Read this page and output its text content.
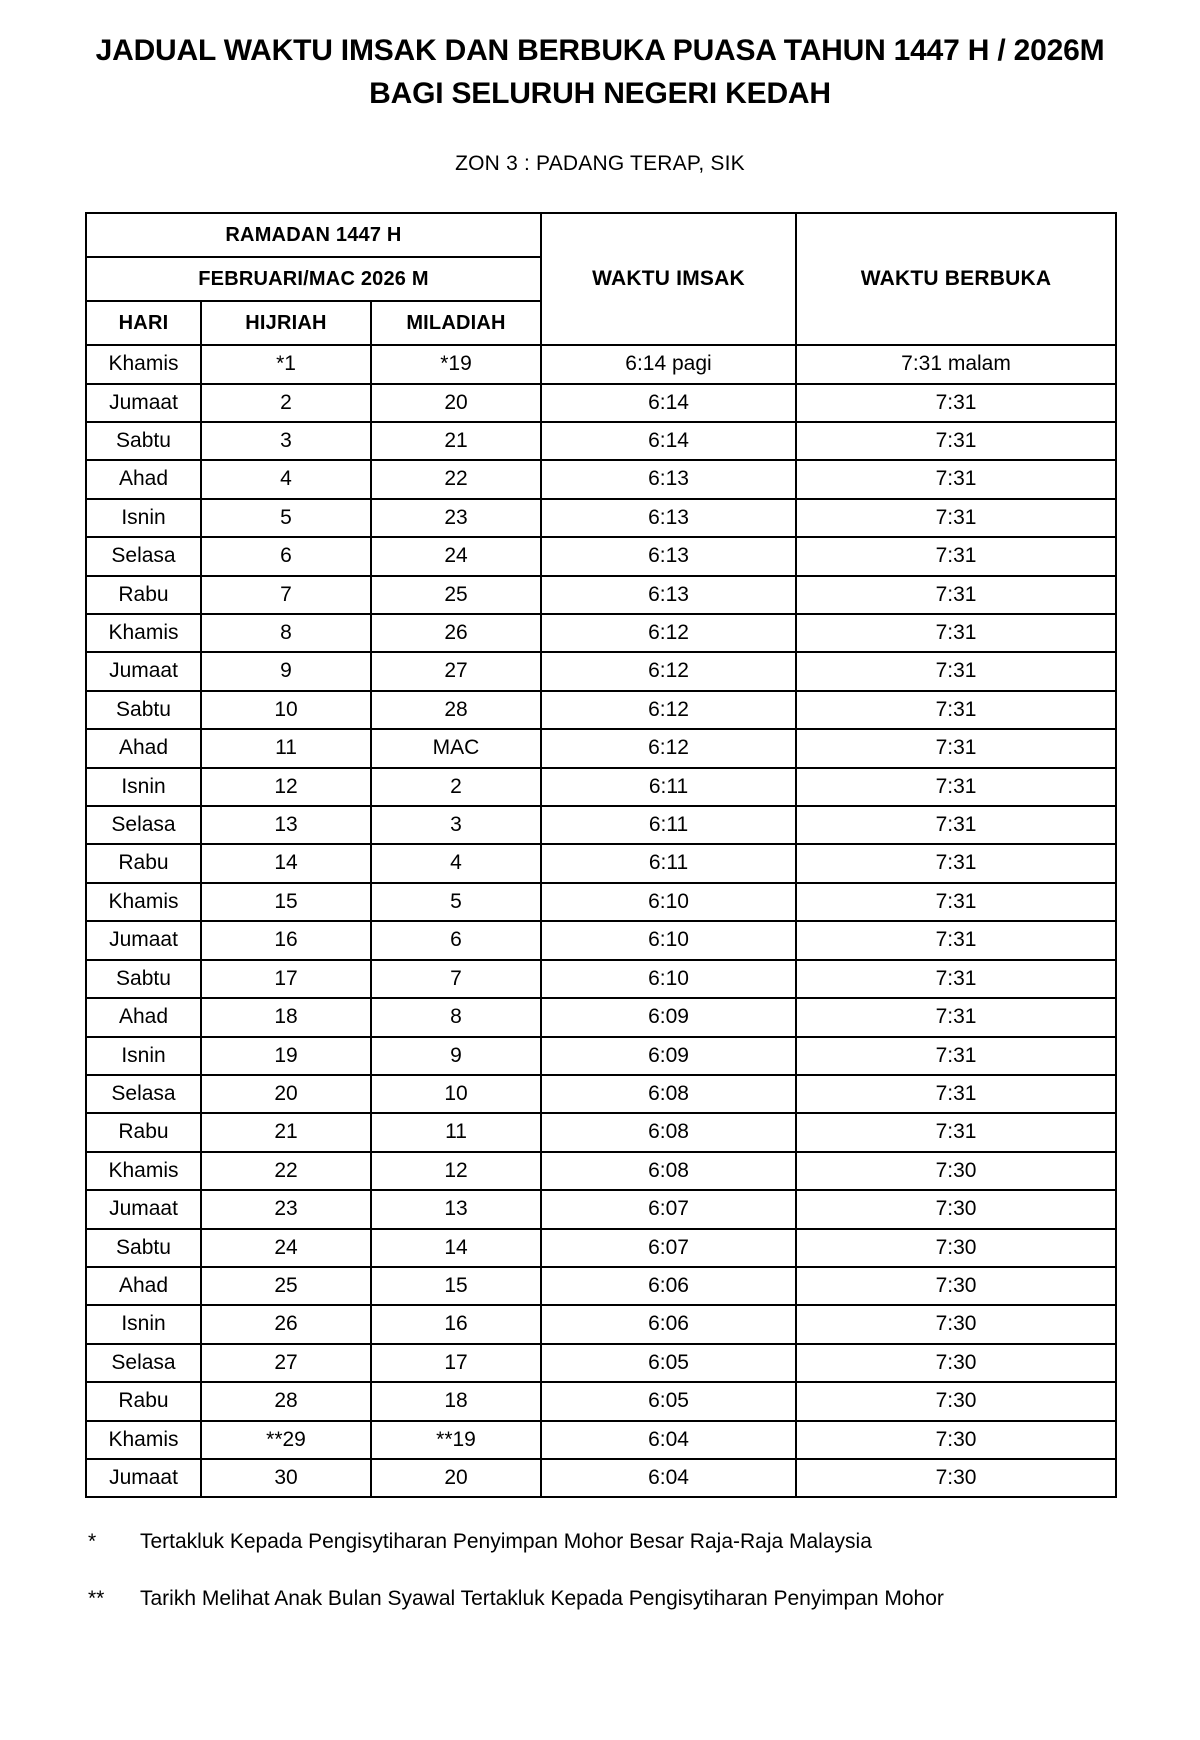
JADUAL WAKTU IMSAK DAN BERBUKA PUASA TAHUN 1447 H / 2026M
BAGI SELURUH NEGERI KEDAH
ZON 3 : PADANG TERAP, SIK
RAMADAN 1447 H			WAKTU IMSAK	WAKTU BERBUKA
FEBRUARI/MAC 2026 M				
HARI	HIJRIAH	MILADIAH		
Khamis	*1	*19	6:14 pagi	7:31 malam
Jumaat	2	20	6:14	7:31
Sabtu	3	21	6:14	7:31
Ahad	4	22	6:13	7:31
Isnin	5	23	6:13	7:31
Selasa	6	24	6:13	7:31
Rabu	7	25	6:13	7:31
Khamis	8	26	6:12	7:31
Jumaat	9	27	6:12	7:31
Sabtu	10	28	6:12	7:31
Ahad	11	MAC	6:12	7:31
Isnin	12	2	6:11	7:31
Selasa	13	3	6:11	7:31
Rabu	14	4	6:11	7:31
Khamis	15	5	6:10	7:31
Jumaat	16	6	6:10	7:31
Sabtu	17	7	6:10	7:31
Ahad	18	8	6:09	7:31
Isnin	19	9	6:09	7:31
Selasa	20	10	6:08	7:31
Rabu	21	11	6:08	7:31
Khamis	22	12	6:08	7:30
Jumaat	23	13	6:07	7:30
Sabtu	24	14	6:07	7:30
Ahad	25	15	6:06	7:30
Isnin	26	16	6:06	7:30
Selasa	27	17	6:05	7:30
Rabu	28	18	6:05	7:30
Khamis	**29	**19	6:04	7:30
Jumaat	30	20	6:04	7:30
*	Tertakluk Kepada Pengisytiharan Penyimpan Mohor Besar Raja-Raja Malaysia
**	Tarikh Melihat Anak Bulan Syawal Tertakluk Kepada Pengisytiharan Penyimpan Mohor
